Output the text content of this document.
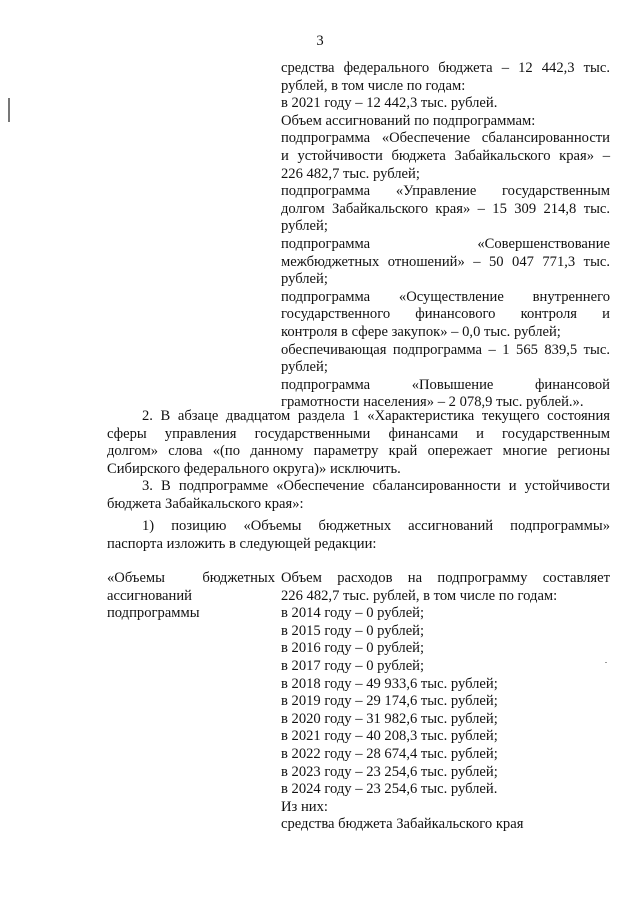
3
средства федерального бюджета – 12 442,3 тыс.
рублей, в том числе по годам:
в 2021 году – 12 442,3 тыс. рублей.
Объем ассигнований по подпрограммам:
подпрограмма «Обеспечение сбалансированности
и устойчивости бюджета Забайкальского края» –
226 482,7 тыс. рублей;
подпрограмма «Управление государственным
долгом Забайкальского края» – 15 309 214,8 тыс.
рублей;
подпрограмма «Совершенствование
межбюджетных отношений» – 50 047 771,3 тыс.
рублей;
подпрограмма «Осуществление внутреннего
государственного финансового контроля и
контроля в сфере закупок» – 0,0 тыс. рублей;
обеспечивающая подпрограмма – 1 565 839,5 тыс.
рублей;
подпрограмма «Повышение финансовой
грамотности населения» – 2 078,9 тыс. рублей.».
2. В абзаце двадцатом раздела 1 «Характеристика текущего состояния
сферы управления государственными финансами и государственным
долгом» слова «(по данному параметру край опережает многие регионы
Сибирского федерального округа)» исключить.
3. В подпрограмме «Обеспечение сбалансированности и устойчивости
бюджета Забайкальского края»:
1) позицию «Объемы бюджетных ассигнований подпрограммы»
паспорта изложить в следующей редакции:
«Объемы бюджетных
ассигнований
подпрограммы
Объем расходов на подпрограмму составляет
226 482,7 тыс. рублей, в том числе по годам:
в 2014 году – 0 рублей;
в 2015 году – 0 рублей;
в 2016 году – 0 рублей;
в 2017 году – 0 рублей;
в 2018 году – 49 933,6 тыс. рублей;
в 2019 году – 29 174,6 тыс. рублей;
в 2020 году – 31 982,6 тыс. рублей;
в 2021 году – 40 208,3 тыс. рублей;
в 2022 году – 28 674,4 тыс. рублей;
в 2023 году – 23 254,6 тыс. рублей;
в 2024 году – 23 254,6 тыс. рублей.
Из них:
средства бюджета Забайкальского края
